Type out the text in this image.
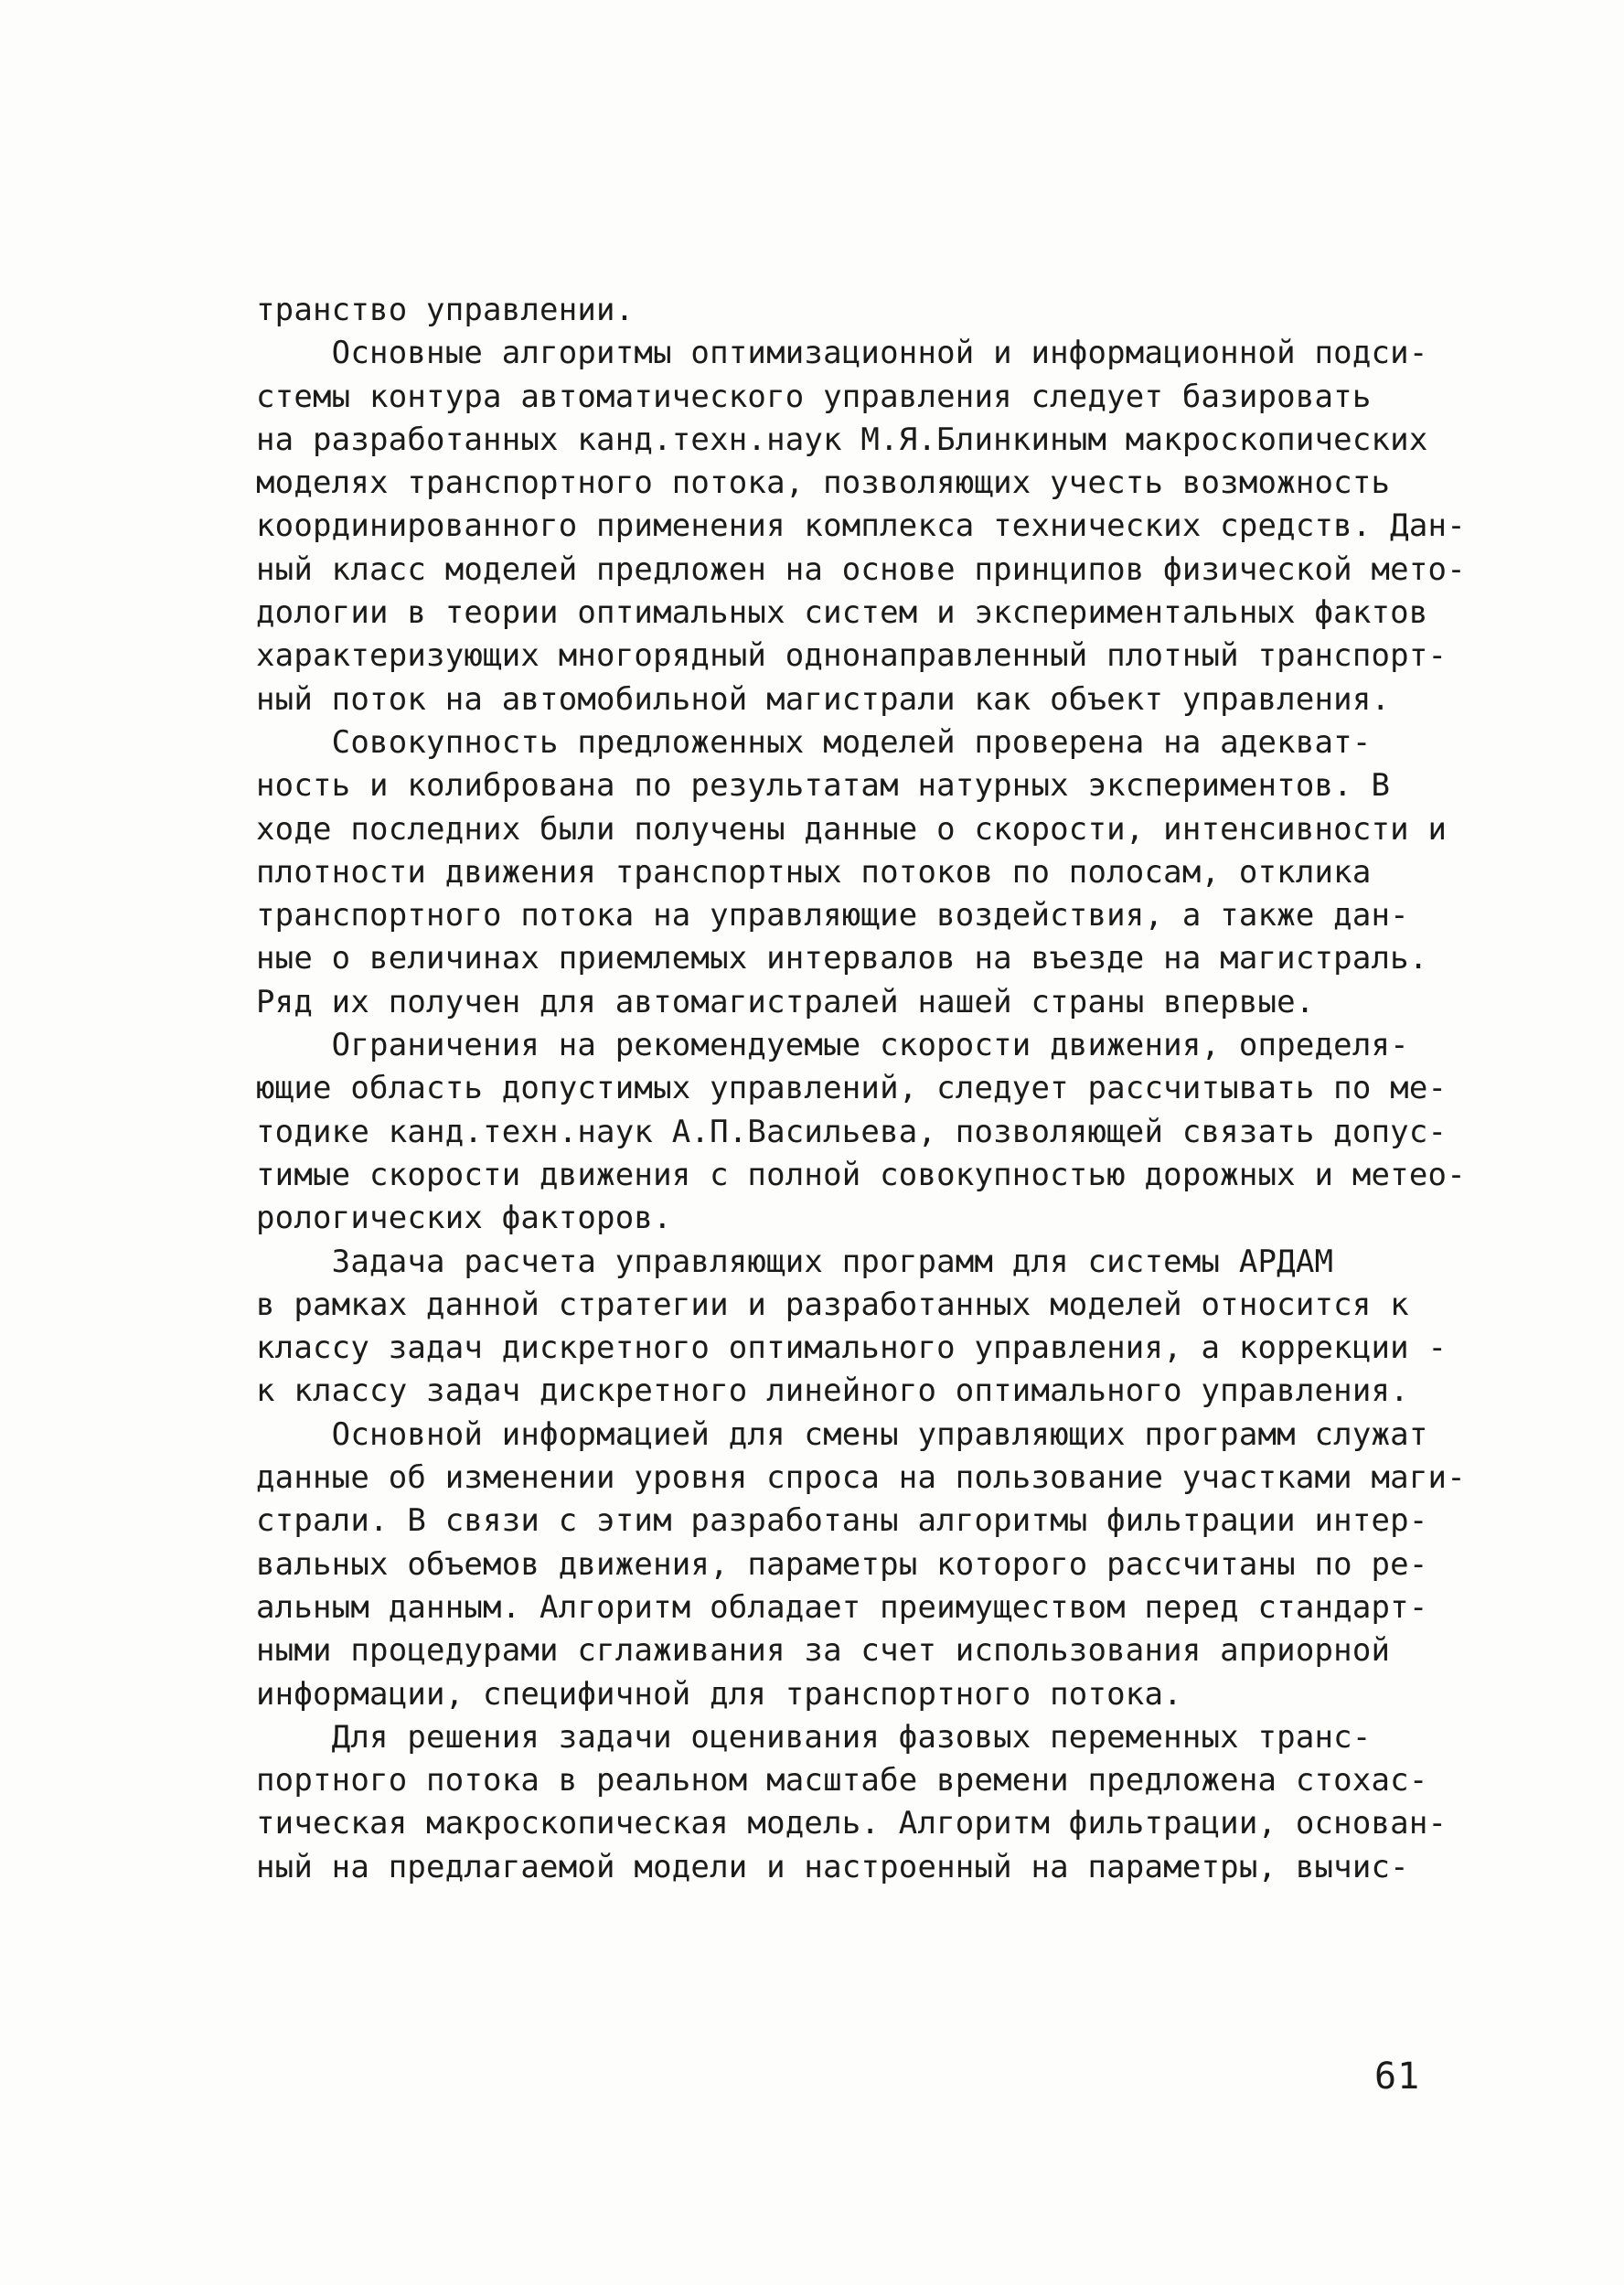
транство управлении.
Основные алгоритмы оптимизационной и информационной подси-
стемы контура автоматического управления следует базировать
на разработанных канд.техн.наук М.Я.Блинкиным макроскопических
моделях транспортного потока, позволяющих учесть возможность
координированного применения комплекса технических средств. Дан-
ный класс моделей предложен на основе принципов физической мето-
дологии в теории оптимальных систем и экспериментальных фактов
характеризующих многорядный однонаправленный плотный транспорт-
ный поток на автомобильной магистрали как объект управления.
Совокупность предложенных моделей проверена на адекват-
ность и колибрована по результатам натурных экспериментов. В
ходе последних были получены данные о скорости, интенсивности и
плотности движения транспортных потоков по полосам, отклика
транспортного потока на управляющие воздействия, а также дан-
ные о величинах приемлемых интервалов на въезде на магистраль.
Ряд их получен для автомагистралей нашей страны впервые.
Ограничения на рекомендуемые скорости движения, определя-
ющие область допустимых управлений, следует рассчитывать по ме-
тодике канд.техн.наук А.П.Васильева, позволяющей связать допус-
тимые скорости движения с полной совокупностью дорожных и метео-
рологических факторов.
Задача расчета управляющих программ для системы АРДАМ
в рамках данной стратегии и разработанных моделей относится к
классу задач дискретного оптимального управления, а коррекции -
к классу задач дискретного линейного оптимального управления.
Основной информацией для смены управляющих программ служат
данные об изменении уровня спроса на пользование участками маги-
страли. В связи с этим разработаны алгоритмы фильтрации интер-
вальных объемов движения, параметры которого рассчитаны по ре-
альным данным. Алгоритм обладает преимуществом перед стандарт-
ными процедурами сглаживания за счет использования априорной
информации, специфичной для транспортного потока.
Для решения задачи оценивания фазовых переменных транс-
портного потока в реальном масштабе времени предложена стохас-
тическая макроскопическая модель. Алгоритм фильтрации, основан-
ный на предлагаемой модели и настроенный на параметры, вычис-
61
